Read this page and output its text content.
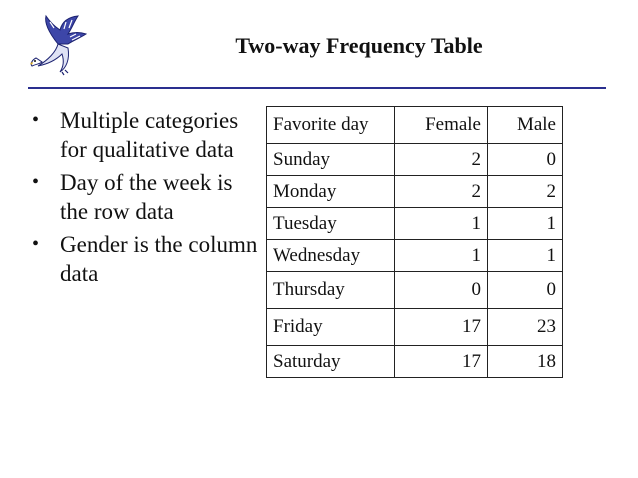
Two-way Frequency Table
• Multiple categories for qualitative data
• Day of the week is the row data
• Gender is the column data
Favorite day	Female	Male
Sunday	2	0
Monday	2	2
Tuesday	1	1
Wednesday	1	1
Thursday	0	0
Friday	17	23
Saturday	17	18
